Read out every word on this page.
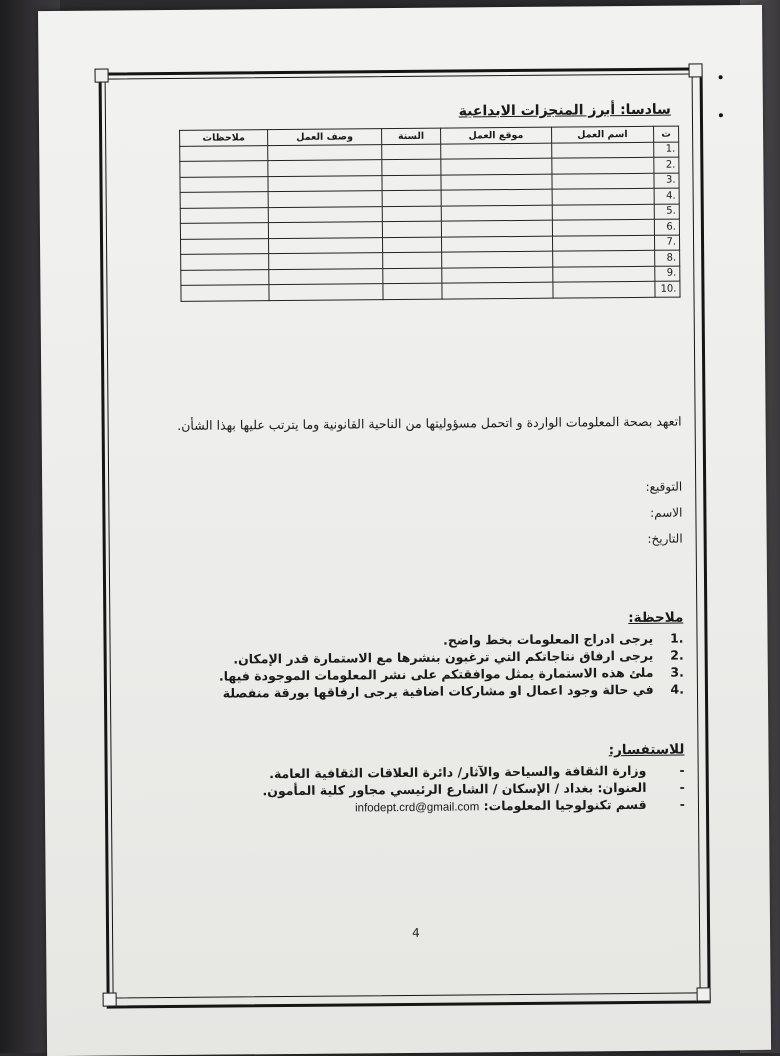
سادسا: أبرز المنجزات الابداعية
ت	اسم العمل	موقع العمل	السنة	وصف العمل	ملاحظات
.1					
.2					
.3					
.4					
.5					
.6					
.7					
.8					
.9					
.10					
اتعهد بصحة المعلومات الواردة و اتحمل مسؤوليتها من الناحية القانونية وما يترتب عليها بهذا الشأن.
التوقيع:
الاسم:
التاريخ:
ملاحظة:
.1 يرجى ادراج المعلومات بخط واضح.
.2 يرجى ارفاق نتاجاتكم التي ترغبون بنشرها مع الاستمارة قدر الإمكان.
.3 ملئ هذه الاستمارة يمثل موافقتكم على نشر المعلومات الموجودة فيها.
.4 في حالة وجود اعمال او مشاركات اضافية يرجى ارفاقها بورقة منفصلة
للاستفسار:
- وزارة الثقافة والسياحة والآثار/ دائرة العلاقات الثقافية العامة.
- العنوان: بغداد / الإسكان / الشارع الرئيسي مجاور كلية المأمون.
- قسم تكنولوجيا المعلومات: infodept.crd@gmail.com
4
